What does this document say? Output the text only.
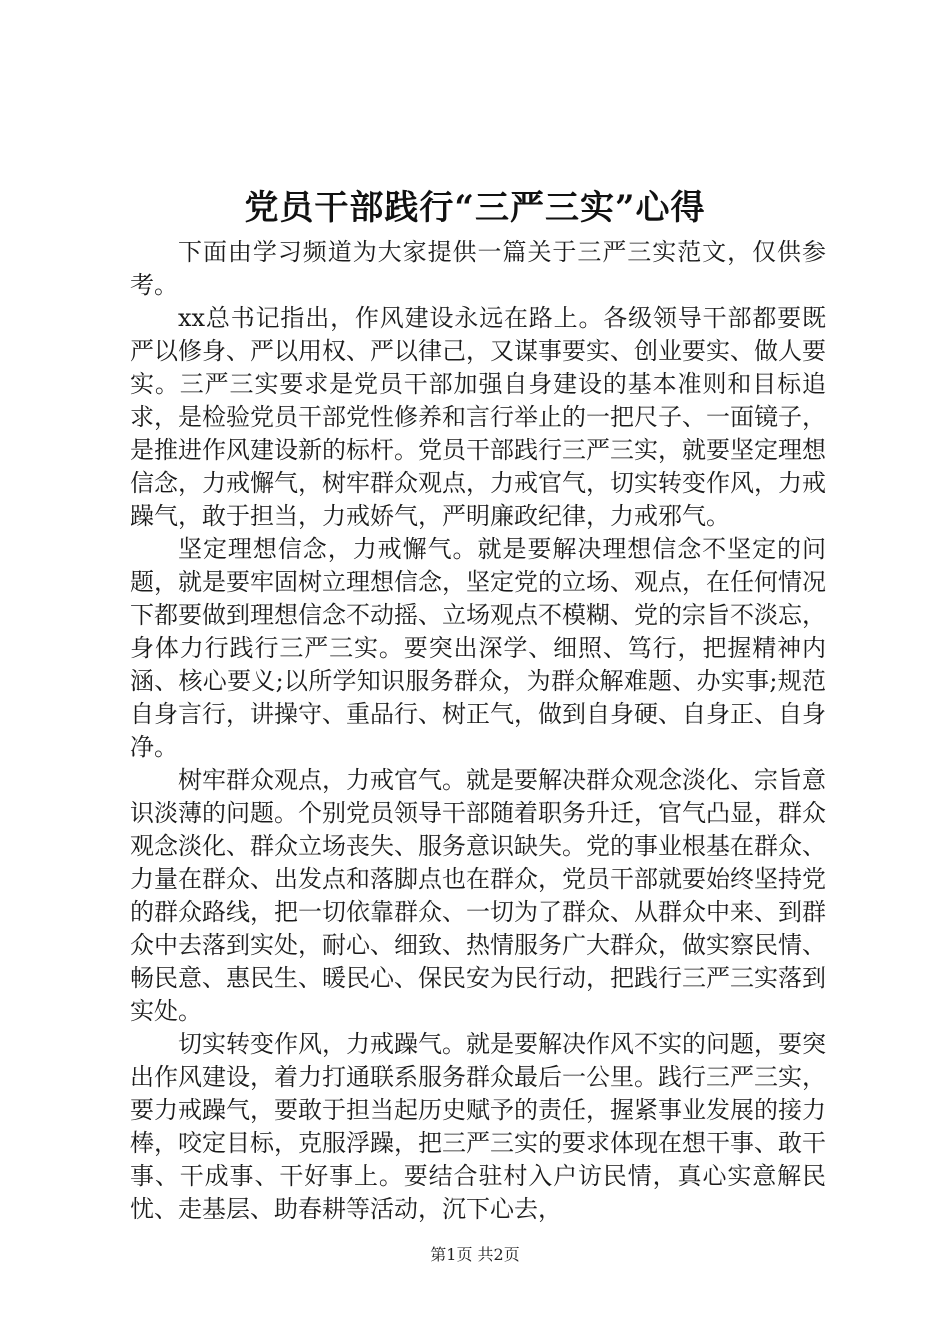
党员干部践行“三严三实”心得

下面由学习频道为大家提供一篇关于三严三实范文，仅供参考。

xx总书记指出，作风建设永远在路上。各级领导干部都要既严以修身、严以用权、严以律己，又谋事要实、创业要实、做人要实。三严三实要求是党员干部加强自身建设的基本准则和目标追求，是检验党员干部党性修养和言行举止的一把尺子、一面镜子，是推进作风建设新的标杆。党员干部践行三严三实，就要坚定理想信念，力戒懈气，树牢群众观点，力戒官气，切实转变作风，力戒躁气，敢于担当，力戒娇气，严明廉政纪律，力戒邪气。

坚定理想信念，力戒懈气。就是要解决理想信念不坚定的问题，就是要牢固树立理想信念，坚定党的立场、观点，在任何情况下都要做到理想信念不动摇、立场观点不模糊、党的宗旨不淡忘，身体力行践行三严三实。要突出深学、细照、笃行，把握精神内涵、核心要义;以所学知识服务群众，为群众解难题、办实事;规范自身言行，讲操守、重品行、树正气，做到自身硬、自身正、自身净。

树牢群众观点，力戒官气。就是要解决群众观念淡化、宗旨意识淡薄的问题。个别党员领导干部随着职务升迁，官气凸显，群众观念淡化、群众立场丧失、服务意识缺失。党的事业根基在群众、力量在群众、出发点和落脚点也在群众，党员干部就要始终坚持党的群众路线，把一切依靠群众、一切为了群众、从群众中来、到群众中去落到实处，耐心、细致、热情服务广大群众，做实察民情、畅民意、惠民生、暖民心、保民安为民行动，把践行三严三实落到实处。

切实转变作风，力戒躁气。就是要解决作风不实的问题，要突出作风建设，着力打通联系服务群众最后一公里。践行三严三实，要力戒躁气，要敢于担当起历史赋予的责任，握紧事业发展的接力棒，咬定目标，克服浮躁，把三严三实的要求体现在想干事、敢干事、干成事、干好事上。要结合驻村入户访民情，真心实意解民忧、走基层、助春耕等活动，沉下心去，

第1页 共2页
